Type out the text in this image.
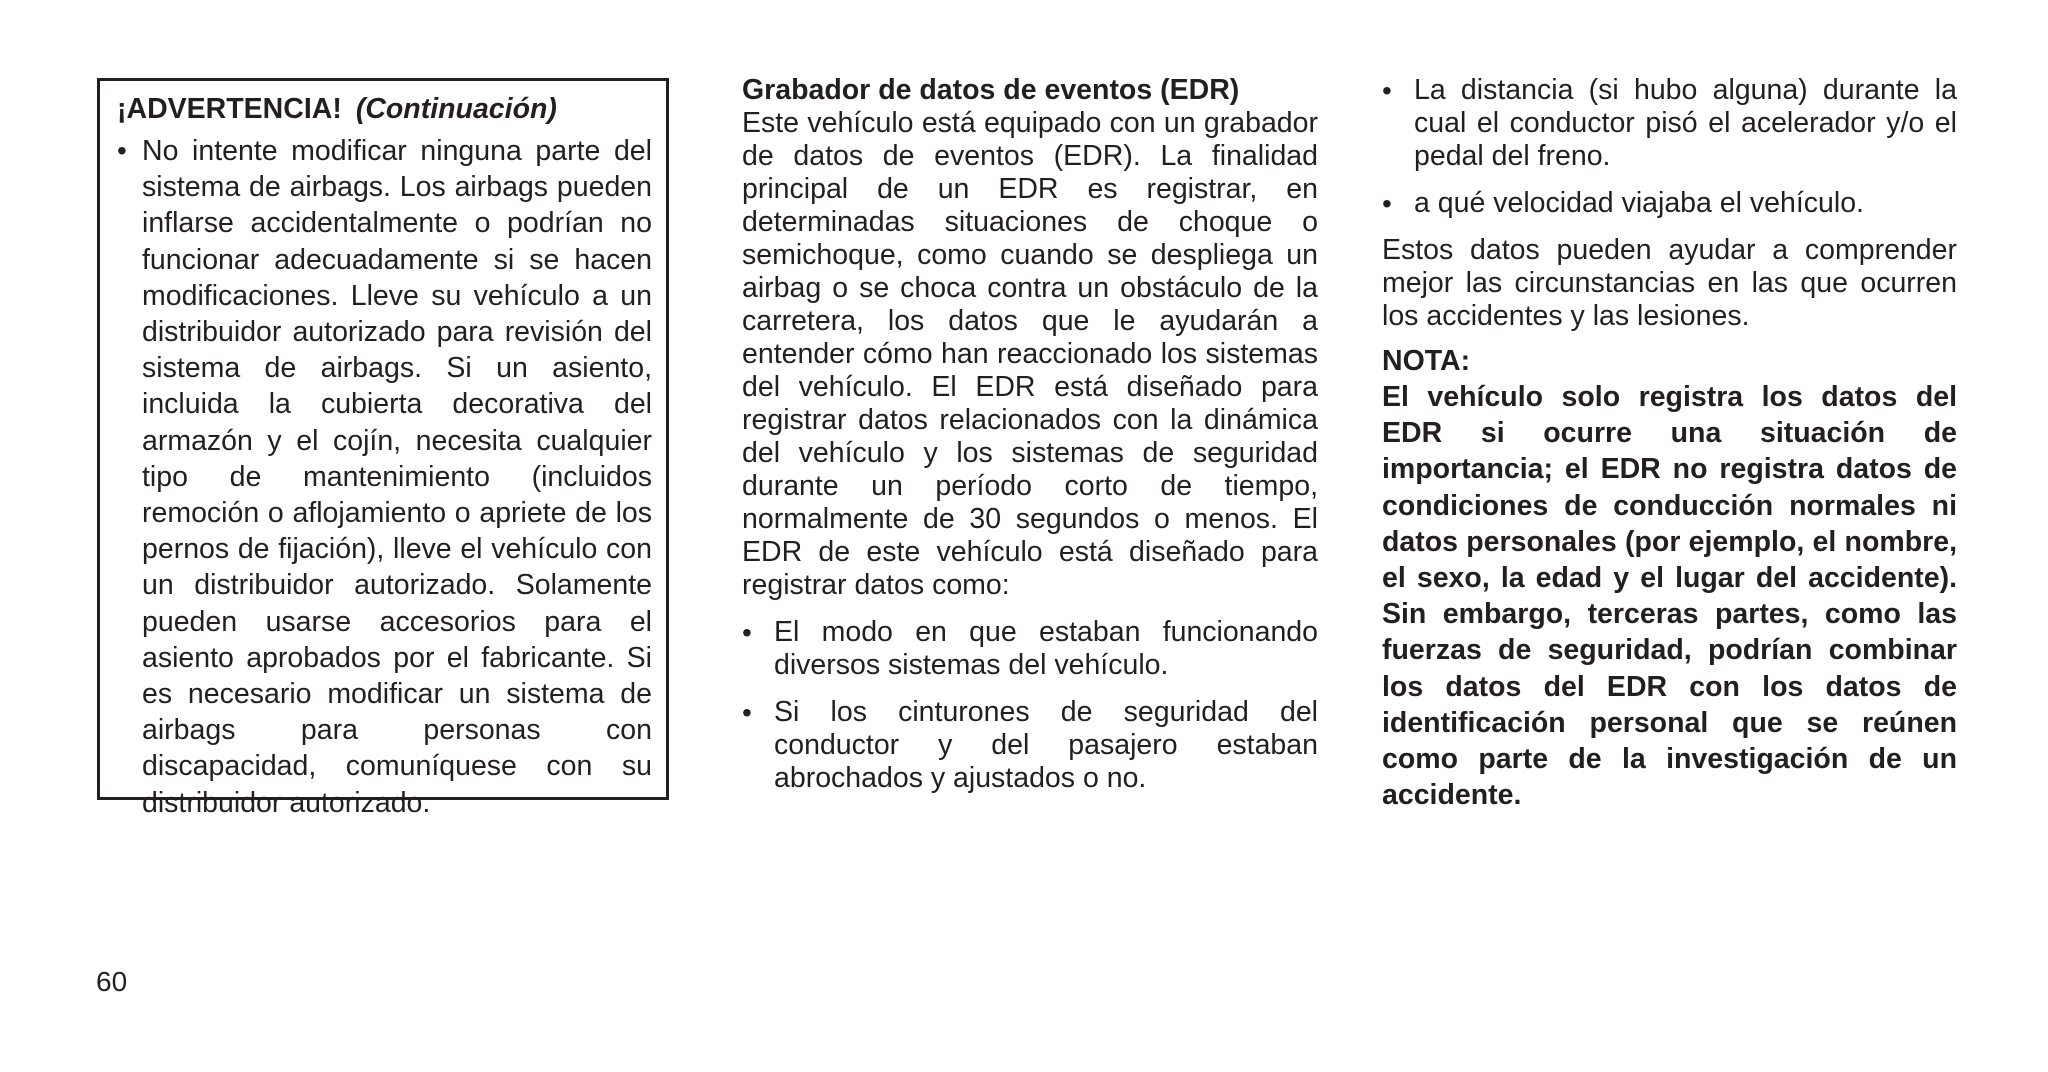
¡ADVERTENCIA! (Continuación)

• No intente modificar ninguna parte del sistema de airbags. Los airbags pueden inflarse accidentalmente o podrían no funcionar adecuadamente si se hacen modificaciones. Lleve su vehículo a un distribuidor autorizado para revisión del sistema de airbags. Si un asiento, incluida la cubierta decorativa del armazón y el cojín, necesita cualquier tipo de mantenimiento (incluidos remoción o aflojamiento o apriete de los pernos de fijación), lleve el vehículo con un distribuidor autorizado. Solamente pueden usarse accesorios para el asiento aprobados por el fabricante. Si es necesario modificar un sistema de airbags para personas con discapacidad, comuníquese con su distribuidor autorizado.

Grabador de datos de eventos (EDR)

Este vehículo está equipado con un grabador de datos de eventos (EDR). La finalidad principal de un EDR es registrar, en determinadas situaciones de choque o semichoque, como cuando se despliega un airbag o se choca contra un obstáculo de la carretera, los datos que le ayudarán a entender cómo han reaccionado los sistemas del vehículo. El EDR está diseñado para registrar datos relacionados con la dinámica del vehículo y los sistemas de seguridad durante un período corto de tiempo, normalmente de 30 segundos o menos. El EDR de este vehículo está diseñado para registrar datos como:

• El modo en que estaban funcionando diversos sistemas del vehículo.

• Si los cinturones de seguridad del conductor y del pasajero estaban abrochados y ajustados o no.

• La distancia (si hubo alguna) durante la cual el conductor pisó el acelerador y/o el pedal del freno.

• a qué velocidad viajaba el vehículo.

Estos datos pueden ayudar a comprender mejor las circunstancias en las que ocurren los accidentes y las lesiones.

NOTA:

El vehículo solo registra los datos del EDR si ocurre una situación de importancia; el EDR no registra datos de condiciones de conducción normales ni datos personales (por ejemplo, el nombre, el sexo, la edad y el lugar del accidente). Sin embargo, terceras partes, como las fuerzas de seguridad, podrían combinar los datos del EDR con los datos de identificación personal que se reúnen como parte de la investigación de un accidente.

60
